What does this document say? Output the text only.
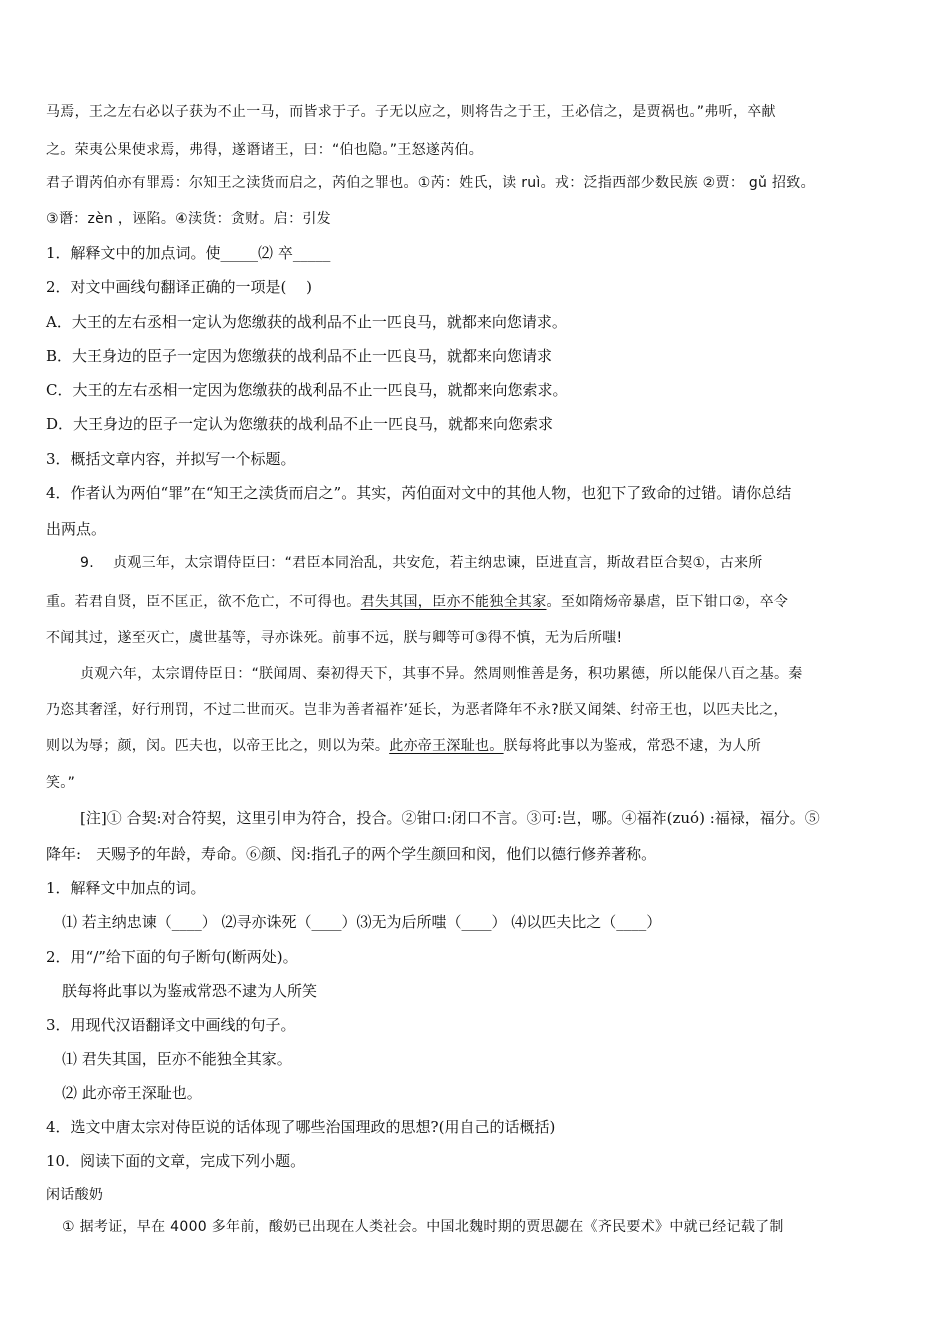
马焉，王之左右必以子获为不止一马，而皆求于子。子无以应之，则将告之于王，王必信之，是贾祸也。”弗听，卒献
之。荣夷公果使求焉，弗得，遂谮诸王，曰：“伯也隐。”王怒遂芮伯。
君子谓芮伯亦有罪焉：尔知王之渎货而启之，芮伯之罪也。①芮：姓氏，读 ruì。戎：泛指西部少数民族 ②贾： gǔ 招致。
③谮：zèn ，诬陷。④渎货：贪财。启：引发
1．解释文中的加点词。使_____⑵ 卒_____
2．对文中画线句翻译正确的一项是(　 )
A．大王的左右丞相一定认为您缴获的战利品不止一匹良马，就都来向您请求。
B．大王身边的臣子一定因为您缴获的战利品不止一匹良马，就都来向您请求
C．大王的左右丞相一定因为您缴获的战利品不止一匹良马，就都来向您索求。
D．大王身边的臣子一定认为您缴获的战利品不止一匹良马，就都来向您索求
3．概括文章内容，并拟写一个标题。
4．作者认为两伯“罪”在“知王之渎货而启之”。其实，芮伯面对文中的其他人物，也犯下了致命的过错。请你总结
出两点。
9.　 贞观三年，太宗谓侍臣曰：“君臣本同治乱，共安危，若主纳忠谏，臣进直言，斯故君臣合契①，古来所
重。若君自贤，臣不匡正，欲不危亡，不可得也。君失其国，臣亦不能独全其家。至如隋炀帝暴虐，臣下钳口②，卒令
不闻其过，遂至灭亡，虞世基等，寻亦诛死。前事不远，朕与卿等可③得不慎，无为后所嗤!
贞观六年，太宗谓侍臣日：“朕闻周、秦初得天下，其事不异。然周则惟善是务，积功累德，所以能保八百之基。秦
乃恣其奢淫，好行刑罚，不过二世而灭。岂非为善者福祚’延长，为恶者降年不永?朕又闻桀、纣帝王也，以匹夫比之，
则以为辱；颜，闵。匹夫也，以帝王比之，则以为荣。此亦帝王深耻也。朕每将此事以为鉴戒，常恐不逮，为人所
笑。”
[注]① 合契:对合符契，这里引申为符合，投合。②钳口:闭口不言。③可:岂，哪。④福祚(zuó) :福禄，福分。⑤
降年:　天赐予的年龄，寿命。⑥颜、闵:指孔子的两个学生颜回和闵，他们以德行修养著称。
1．解释文中加点的词。
⑴ 若主纳忠谏（____） ⑵寻亦诛死（____）⑶无为后所嗤（____） ⑷以匹夫比之（____）
2．用“/”给下面的句子断句(断两处)。
朕每将此事以为鉴戒常恐不逮为人所笑
3．用现代汉语翻译文中画线的句子。
⑴ 君失其国，臣亦不能独全其家。
⑵ 此亦帝王深耻也。
4．选文中唐太宗对侍臣说的话体现了哪些治国理政的思想?(用自己的话概括)
10．阅读下面的文章，完成下列小题。
闲话酸奶
① 据考证，早在 4000 多年前，酸奶已出现在人类社会。中国北魏时期的贾思勰在《齐民要术》中就已经记载了制
